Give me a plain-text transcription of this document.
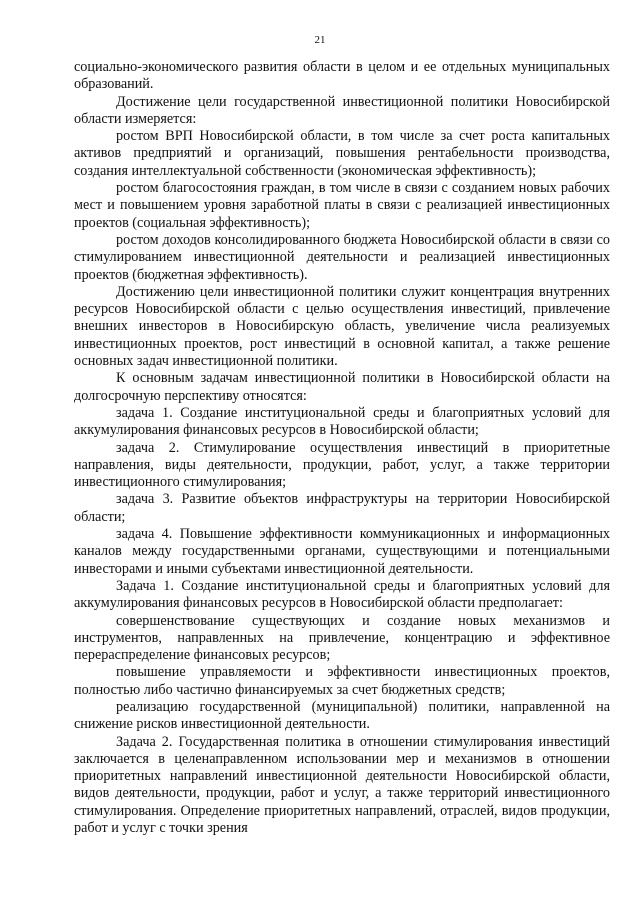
21

социально-экономического развития области в целом и ее отдельных муниципальных образований.

Достижение цели государственной инвестиционной политики Новосибирской области измеряется:

ростом ВРП Новосибирской области, в том числе за счет роста капитальных активов предприятий и организаций, повышения рентабельности производства, создания интеллектуальной собственности (экономическая эффективность);

ростом благосостояния граждан, в том числе в связи с созданием новых рабочих мест и повышением уровня заработной платы в связи с реализацией инвестиционных проектов (социальная эффективность);

ростом доходов консолидированного бюджета Новосибирской области в связи со стимулированием инвестиционной деятельности и реализацией инвестиционных проектов (бюджетная эффективность).

Достижению цели инвестиционной политики служит концентрация внутренних ресурсов Новосибирской области с целью осуществления инвестиций, привлечение внешних инвесторов в Новосибирскую область, увеличение числа реализуемых инвестиционных проектов, рост инвестиций в основной капитал, а также решение основных задач инвестиционной политики.

К основным задачам инвестиционной политики в Новосибирской области на долгосрочную перспективу относятся:

задача 1. Создание институциональной среды и благоприятных условий для аккумулирования финансовых ресурсов в Новосибирской области;

задача 2. Стимулирование осуществления инвестиций в приоритетные направления, виды деятельности, продукции, работ, услуг, а также территории инвестиционного стимулирования;

задача 3. Развитие объектов инфраструктуры на территории Новосибирской области;

задача 4. Повышение эффективности коммуникационных и информационных каналов между государственными органами, существующими и потенциальными инвесторами и иными субъектами инвестиционной деятельности.

Задача 1. Создание институциональной среды и благоприятных условий для аккумулирования финансовых ресурсов в Новосибирской области предполагает:

совершенствование существующих и создание новых механизмов и инструментов, направленных на привлечение, концентрацию и эффективное перераспределение финансовых ресурсов;

повышение управляемости и эффективности инвестиционных проектов, полностью либо частично финансируемых за счет бюджетных средств;

реализацию государственной (муниципальной) политики, направленной на снижение рисков инвестиционной деятельности.

Задача 2. Государственная политика в отношении стимулирования инвестиций заключается в целенаправленном использовании мер и механизмов в отношении приоритетных направлений инвестиционной деятельности Новосибирской области, видов деятельности, продукции, работ и услуг, а также территорий инвестиционного стимулирования. Определение приоритетных направлений, отраслей, видов продукции, работ и услуг с точки зрения
